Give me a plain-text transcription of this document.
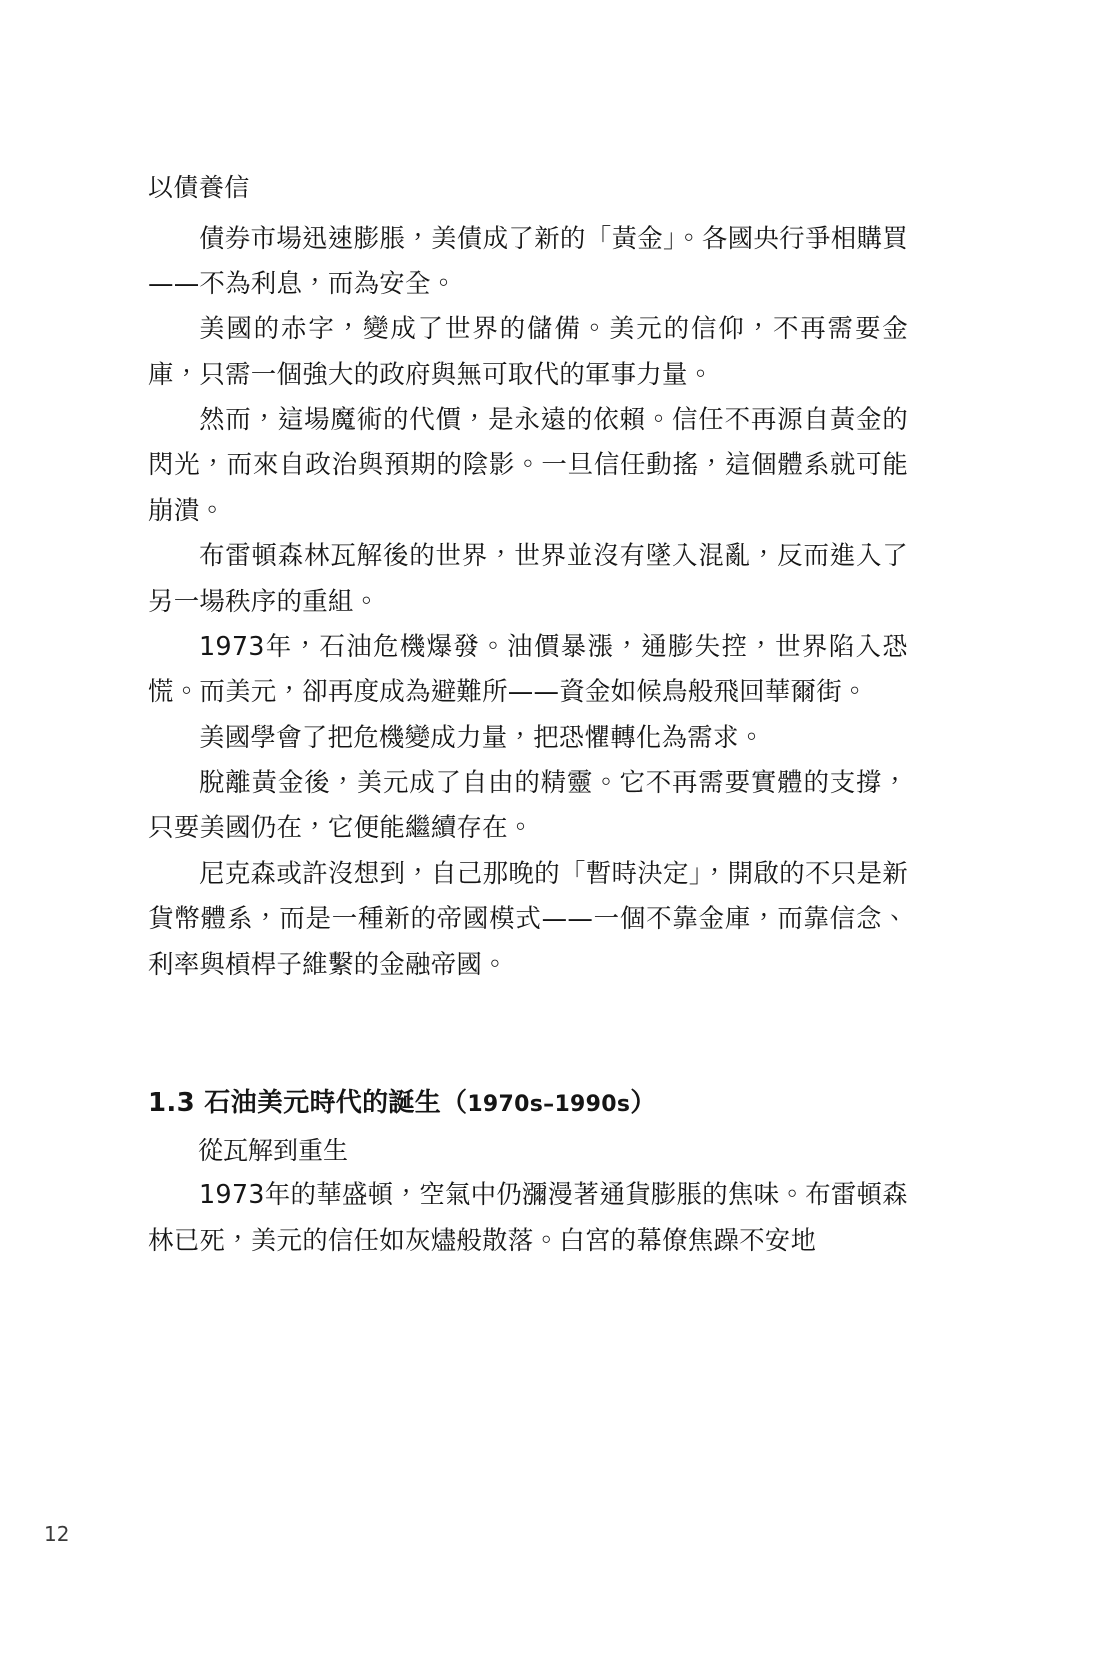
以債養信

債券市場迅速膨脹，美債成了新的「黃金」。各國央行爭相購買——不為利息，而為安全。

美國的赤字，變成了世界的儲備。美元的信仰，不再需要金庫，只需一個強大的政府與無可取代的軍事力量。

然而，這場魔術的代價，是永遠的依賴。信任不再源自黃金的閃光，而來自政治與預期的陰影。一旦信任動搖，這個體系就可能崩潰。

布雷頓森林瓦解後的世界，世界並沒有墜入混亂，反而進入了另一場秩序的重組。

1973年，石油危機爆發。油價暴漲，通膨失控，世界陷入恐慌。而美元，卻再度成為避難所——資金如候鳥般飛回華爾街。

美國學會了把危機變成力量，把恐懼轉化為需求。

脫離黃金後，美元成了自由的精靈。它不再需要實體的支撐，只要美國仍在，它便能繼續存在。

尼克森或許沒想到，自己那晚的「暫時決定」，開啟的不只是新貨幣體系，而是一種新的帝國模式——一個不靠金庫，而靠信念、利率與槓桿子維繫的金融帝國。

1.3 石油美元時代的誕生（1970s–1990s）
從瓦解到重生

1973年的華盛頓，空氣中仍瀰漫著通貨膨脹的焦味。布雷頓森林已死，美元的信任如灰燼般散落。白宮的幕僚焦躁不安地

12
